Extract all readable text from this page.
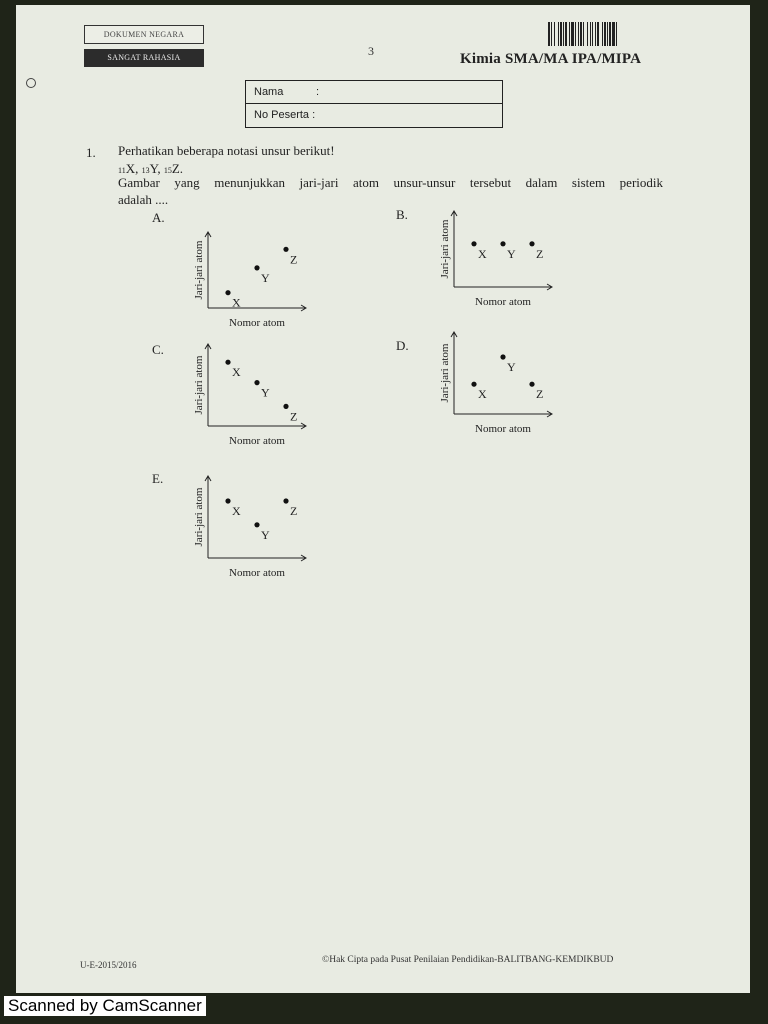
DOKUMEN NEGARA
SANGAT RAHASIA	3	Kimia SMA/MA IPA/MIPA
Nama	:
No Peserta :
1. Perhatikan beberapa notasi unsur berikut!
11X, 13Y, 15Z.
Gambar yang menunjukkan jari-jari atom unsur-unsur tersebut dalam sistem periodik
adalah ....
A.	B.
C.	D.
E.
Jari-jari atom
Nomor atom
X
Y
Z	Jari-jari atom
Nomor atom
X Y Z
Jari-jari atom
Nomor atom
X
Y
Z
Jari-jari atom
Nomor atom
X
Y
Z
Jari-jari atom
Nomor atom
X
Y
Z
U-E-2015/2016	©Hak Cipta pada Pusat Penilaian Pendidikan-BALITBANG-KEMDIKBUD
Scanned by CamScanner
